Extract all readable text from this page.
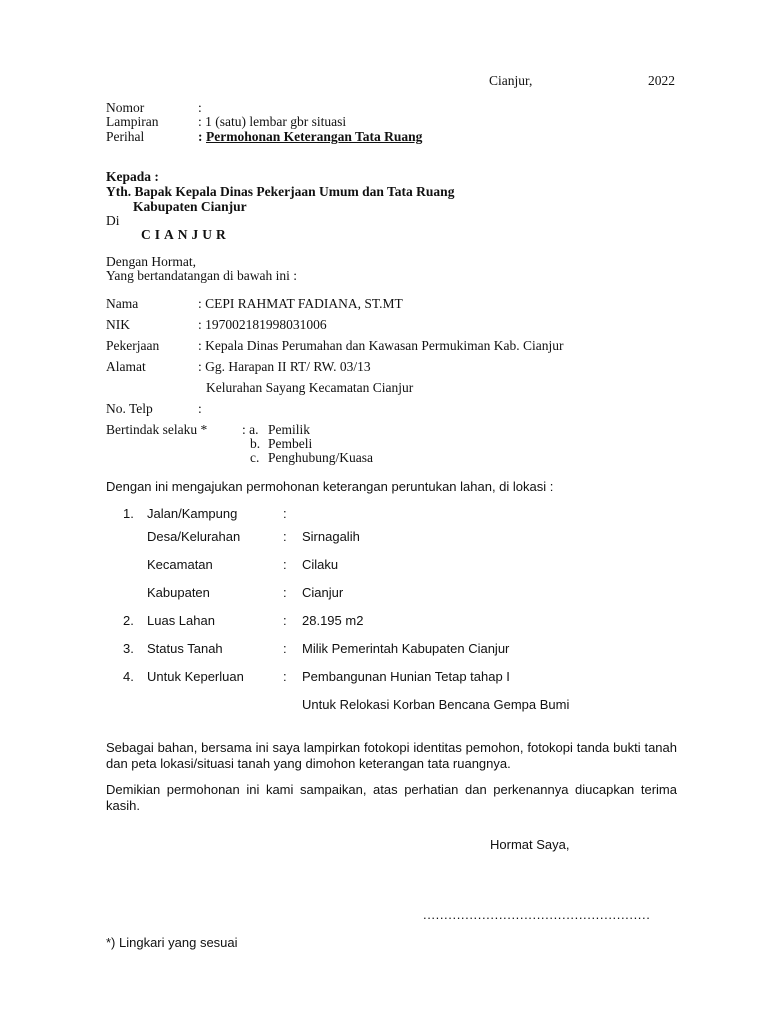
Cianjur,	2022
Nomor	:
Lampiran	: 1 (satu) lembar gbr situasi
Perihal	: Permohonan Keterangan Tata Ruang
Kepada :
Yth. Bapak Kepala Dinas Pekerjaan Umum dan Tata Ruang
Kabupaten Cianjur
Di
CIANJUR
Dengan Hormat,
Yang bertandatangan di bawah ini :
Nama	: CEPI RAHMAT FADIANA, ST.MT
NIK	: 197002181998031006
Pekerjaan	: Kepala Dinas Perumahan dan Kawasan Permukiman Kab. Cianjur
Alamat	: Gg. Harapan II RT/ RW. 03/13
Kelurahan Sayang Kecamatan Cianjur
No. Telp	:
Bertindak selaku *	: a. Pemilik
b. Pembeli
c. Penghubung/Kuasa
Dengan ini mengajukan permohonan keterangan peruntukan lahan, di lokasi :
1. Jalan/Kampung	:
Desa/Kelurahan	: Sirnagalih
Kecamatan	: Cilaku
Kabupaten	: Cianjur
2. Luas Lahan	: 28.195 m2
3. Status Tanah	: Milik Pemerintah Kabupaten Cianjur
4. Untuk Keperluan	: Pembangunan Hunian Tetap tahap I
Untuk Relokasi Korban Bencana Gempa Bumi
Sebagai bahan, bersama ini saya lampirkan fotokopi identitas pemohon, fotokopi tanda bukti tanah dan peta lokasi/situasi tanah yang dimohon keterangan tata ruangnya.
Demikian permohonan ini kami sampaikan, atas perhatian dan perkenannya diucapkan terima kasih.
Hormat Saya,
......................................................
*) Lingkari yang sesuai
